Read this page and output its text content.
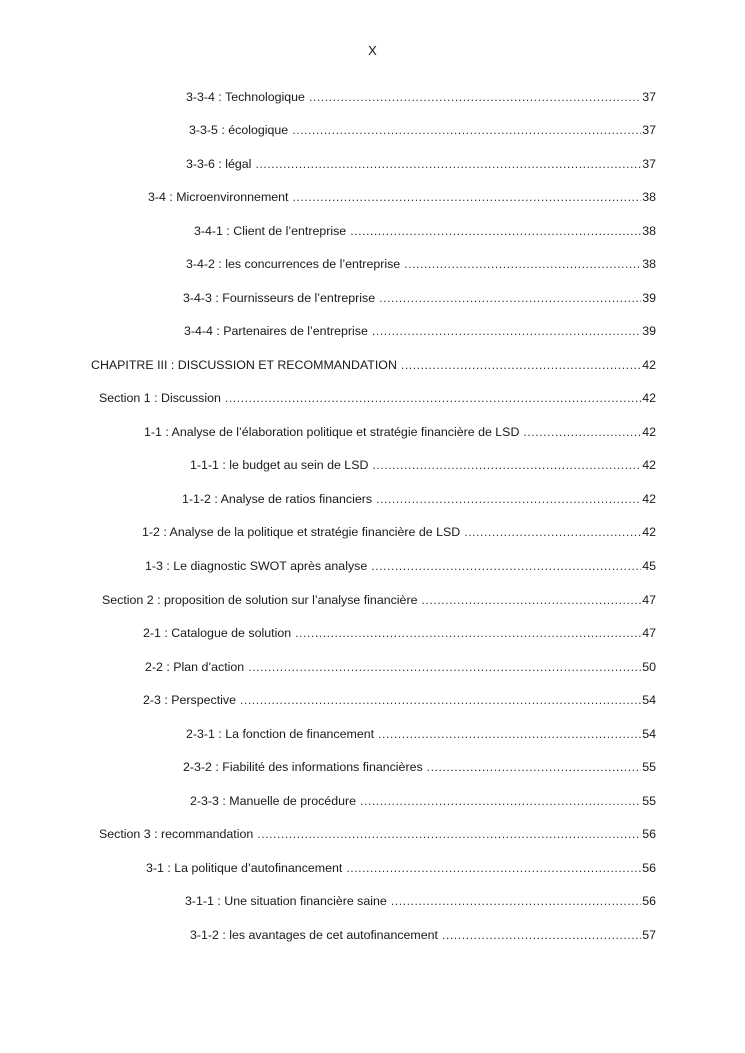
X
3-3-4 : Technologique .....	37
3-3-5 : écologique .....	37
3-3-6 : légal .....	37
3-4 : Microenvironnement .....	38
3-4-1 : Client de l’entreprise .....	38
3-4-2 : les concurrences de l’entreprise .....	38
3-4-3 : Fournisseurs de l’entreprise .....	39
3-4-4 : Partenaires de l’entreprise .....	39
CHAPITRE III : DISCUSSION ET RECOMMANDATION .....	42
Section 1 : Discussion .....	42
1-1 : Analyse de l’élaboration politique et stratégie financière de LSD .....	42
1-1-1 : le budget au sein de LSD .....	42
1-1-2 : Analyse de ratios financiers .....	42
1-2 : Analyse de la politique et stratégie financière de LSD .....	42
1-3 : Le diagnostic SWOT après analyse .....	45
Section 2 : proposition de solution sur l’analyse financière .....	47
2-1 : Catalogue de solution .....	47
2-2 : Plan d’action .....	50
2-3 : Perspective .....	54
2-3-1 : La fonction de financement .....	54
2-3-2 : Fiabilité des informations financières .....	55
2-3-3 : Manuelle de procédure .....	55
Section 3 : recommandation .....	56
3-1 : La politique d’autofinancement .....	56
3-1-1 : Une situation financière saine .....	56
3-1-2 : les avantages de cet autofinancement .....	57
